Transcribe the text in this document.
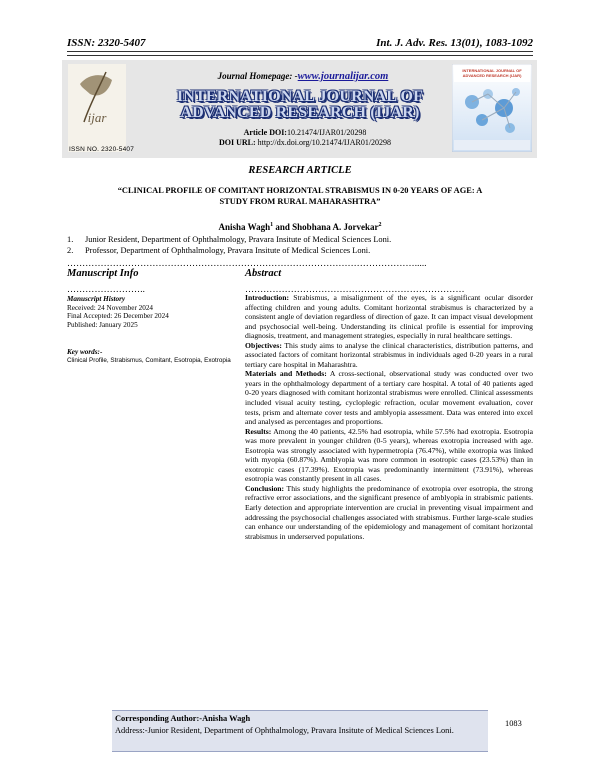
ISSN: 2320-5407	Int. J. Adv. Res. 13(01), 1083-1092
ijar
ISSN NO. 2320-5407
INTERNATIONAL JOURNAL OF
ADVANCED RESEARCH (IJAR)
Journal Homepage: -www.journalijar.com
INTERNATIONAL JOURNAL OF
ADVANCED RESEARCH (IJAR)
Article DOI:10.21474/IJAR01/20298
DOI URL: http://dx.doi.org/10.21474/IJAR01/20298
RESEARCH ARTICLE
“CLINICAL PROFILE OF COMITANT HORIZONTAL STRABISMUS IN 0-20 YEARS OF AGE: A
STUDY FROM RURAL MAHARASHTRA”
Anisha Wagh$^1$ and Shobhana A. Jorvekar$^2$
1. Junior Resident, Department of Ophthalmology, Pravara Insitute of Medical Sciences Loni.
2. Professor, Department of Ophthalmology, Pravara Insitute of Medical Sciences Loni.
…………………………………………………………………………………………………….....
Manuscript Info	Abstract
……………………..	………………………………………………………………
Manuscript History
Received: 24 November 2024
Final Accepted: 26 December 2024
Published: January 2025
Key words:-
Clinical Profile, Strabismus, Comitant, Esotropia, Exotropia

Introduction: Strabismus, a misalignment of the eyes, is a significant ocular disorder affecting children and young adults. Comitant horizontal strabismus is characterized by a consistent angle of deviation regardless of direction of gaze. It can impact visual development and psychosocial well-being. Understanding its clinical profile is essential for improving diagnosis, treatment, and management strategies, especially in rural healthcare settings.

Objectives: This study aims to analyse the clinical characteristics, distribution patterns, and associated factors of comitant horizontal strabismus in individuals aged 0-20 years in a rural tertiary care hospital in Maharashtra.

Materials and Methods: A cross-sectional, observational study was conducted over two years in the ophthalmology department of a tertiary care hospital. A total of 40 patients aged 0-20 years diagnosed with comitant horizontal strabismus were enrolled. Clinical assessments included visual acuity testing, cycloplegic refraction, ocular movement evaluation, cover tests, prism and alternate cover tests and amblyopia assessment. Data was entered into excel and analysed as percentages and proportions.

Results: Among the 40 patients, 42.5% had esotropia, while 57.5% had exotropia. Esotropia was more prevalent in younger children (0-5 years), whereas exotropia increased with age. Esotropia was strongly associated with hypermetropia (76.47%), while exotropia was linked with myopia (60.87%). Amblyopia was more common in esotropic cases (23.53%) than in exotropic cases (17.39%). Exotropia was predominantly intermittent (73.91%), whereas esotropia was constantly present in all cases.

Conclusion: This study highlights the predominance of exotropia over esotropia, the strong refractive error associations, and the significant presence of amblyopia in strabismic patients. Early detection and appropriate intervention are crucial in preventing visual impairment and addressing the psychosocial challenges associated with strabismus. Further large-scale studies can enhance our understanding of the epidemiology and management of comitant horizontal strabismus in underserved populations.

Corresponding Author:-Anisha Wagh
Address:-Junior Resident, Department of Ophthalmology, Pravara Insitute of Medical Sciences Loni.
1083
